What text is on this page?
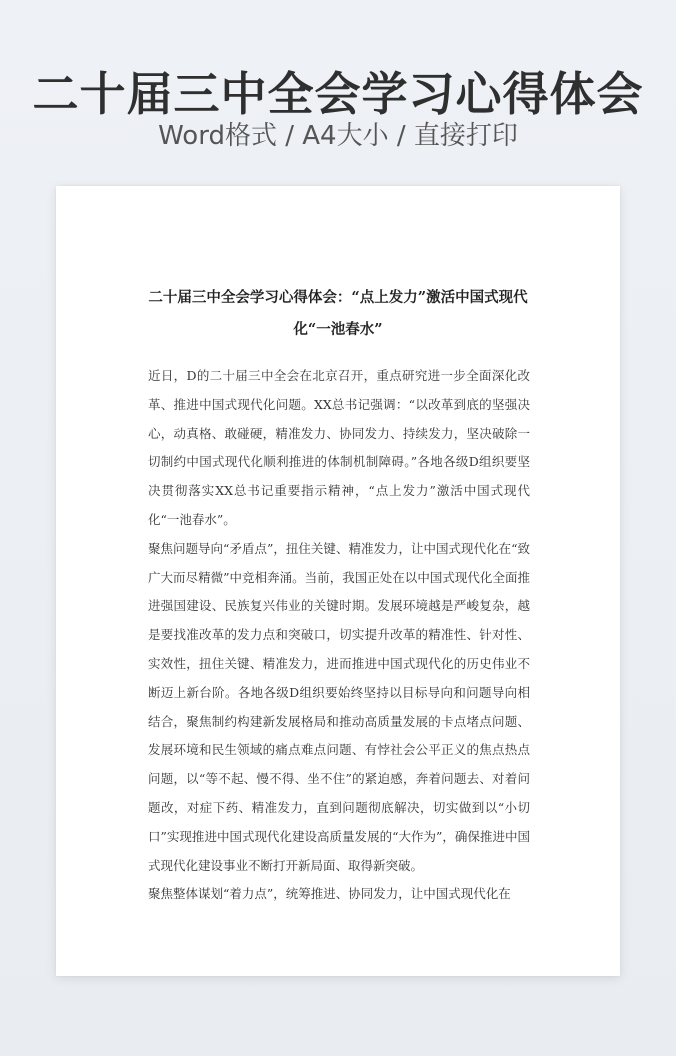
二十届三中全会学习心得体会
Word格式 / A4大小 / 直接打印
二十届三中全会学习心得体会：“点上发力”激活中国式现代化“一池春水”

近日，D的二十届三中全会在北京召开，重点研究进一步全面深化改革、推进中国式现代化问题。XX总书记强调：“以改革到底的坚强决心，动真格、敢碰硬，精准发力、协同发力、持续发力，坚决破除一切制约中国式现代化顺利推进的体制机制障碍。”各地各级D组织要坚决贯彻落实XX总书记重要指示精神，“点上发力”激活中国式现代化“一池春水”。

聚焦问题导向“矛盾点”，扭住关键、精准发力，让中国式现代化在“致广大而尽精微”中竞相奔涌。当前，我国正处在以中国式现代化全面推进强国建设、民族复兴伟业的关键时期。发展环境越是严峻复杂，越是要找准改革的发力点和突破口，切实提升改革的精准性、针对性、实效性，扭住关键、精准发力，进而推进中国式现代化的历史伟业不断迈上新台阶。各地各级D组织要始终坚持以目标导向和问题导向相结合，聚焦制约构建新发展格局和推动高质量发展的卡点堵点问题、发展环境和民生领域的痛点难点问题、有悖社会公平正义的焦点热点问题，以“等不起、慢不得、坐不住”的紧迫感，奔着问题去、对着问题改，对症下药、精准发力，直到问题彻底解决，切实做到以“小切口”实现推进中国式现代化建设高质量发展的“大作为”，确保推进中国式现代化建设事业不断打开新局面、取得新突破。

聚焦整体谋划“着力点”，统筹推进、协同发力，让中国式现代化在
